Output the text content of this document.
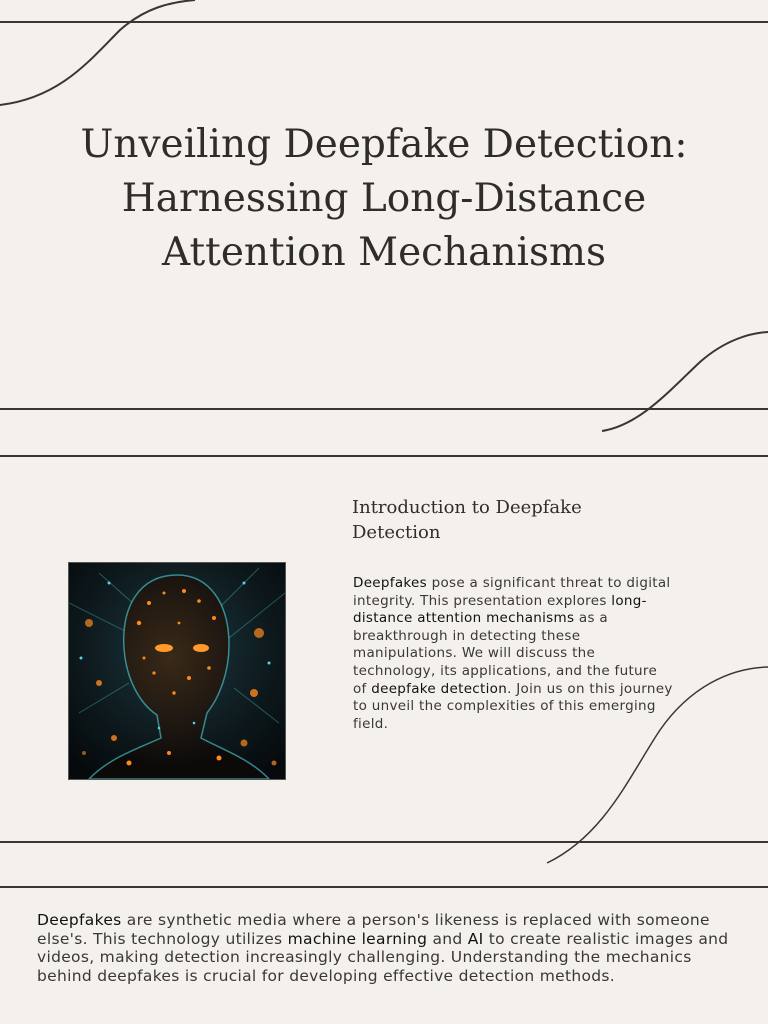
Unveiling Deepfake Detection:
Harnessing Long-Distance
Attention Mechanisms
Introduction to Deepfake Detection

Deepfakes pose a significant threat to digital integrity. This presentation explores long-distance attention mechanisms as a breakthrough in detecting these manipulations. We will discuss the technology, its applications, and the future of deepfake detection. Join us on this journey to unveil the complexities of this emerging field.

Deepfakes are synthetic media where a person's likeness is replaced with someone else's. This technology utilizes machine learning and AI to create realistic images and videos, making detection increasingly challenging. Understanding the mechanics behind deepfakes is crucial for developing effective detection methods.
